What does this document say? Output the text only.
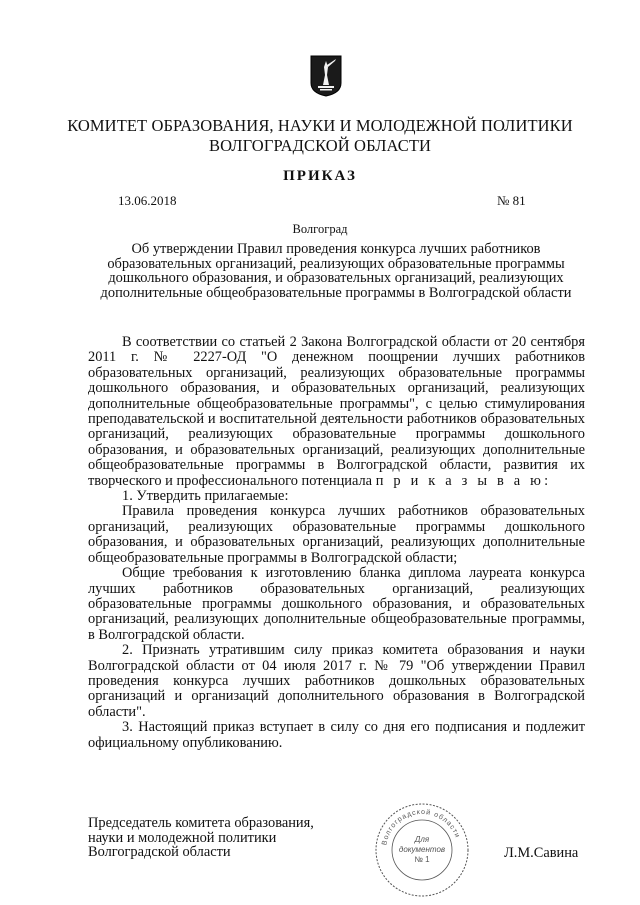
КОМИТЕТ ОБРАЗОВАНИЯ, НАУКИ И МОЛОДЕЖНОЙ ПОЛИТИКИ
ВОЛГОГРАДСКОЙ ОБЛАСТИ
ПРИКАЗ
13.06.2018	№ 81
Волгоград
Об утверждении Правил проведения конкурса лучших работников
образовательных организаций, реализующих образовательные программы
дошкольного образования, и образовательных организаций, реализующих
дополнительные общеобразовательные программы в Волгоградской области

В соответствии со статьей 2 Закона Волгоградской области от 20 сентября 2011 г. № 2227-ОД "О денежном поощрении лучших работников образовательных организаций, реализующих образовательные программы дошкольного образования, и образовательных организаций, реализующих дополнительные общеобразовательные программы", с целью стимулирования преподавательской и воспитательной деятельности работников образовательных организаций, реализующих образовательные программы дошкольного образования, и образовательных организаций, реализующих дополнительные общеобразовательные программы в Волгоградской области, развития их творческого и профессионального потенциала п р и к а з ы в а ю:

1. Утвердить прилагаемые:

Правила проведения конкурса лучших работников образовательных организаций, реализующих образовательные программы дошкольного образования, и образовательных организаций, реализующих дополнительные общеобразовательные программы в Волгоградской области;

Общие требования к изготовлению бланка диплома лауреата конкурса лучших работников образовательных организаций, реализующих образовательные программы дошкольного образования, и образовательных организаций, реализующих дополнительные общеобразовательные программы, в Волгоградской области.

2. Признать утратившим силу приказ комитета образования и науки Волгоградской области от 04 июля 2017 г. № 79 "Об утверждении Правил проведения конкурса лучших работников дошкольных образовательных организаций и организаций дополнительного образования в Волгоградской области".

3. Настоящий приказ вступает в силу со дня его подписания и подлежит официальному опубликованию.

Председатель комитета образования,
науки и молодежной политики
Волгоградской области
Волгоградской области
Для
документов
№ 1	Л.М.Савина
